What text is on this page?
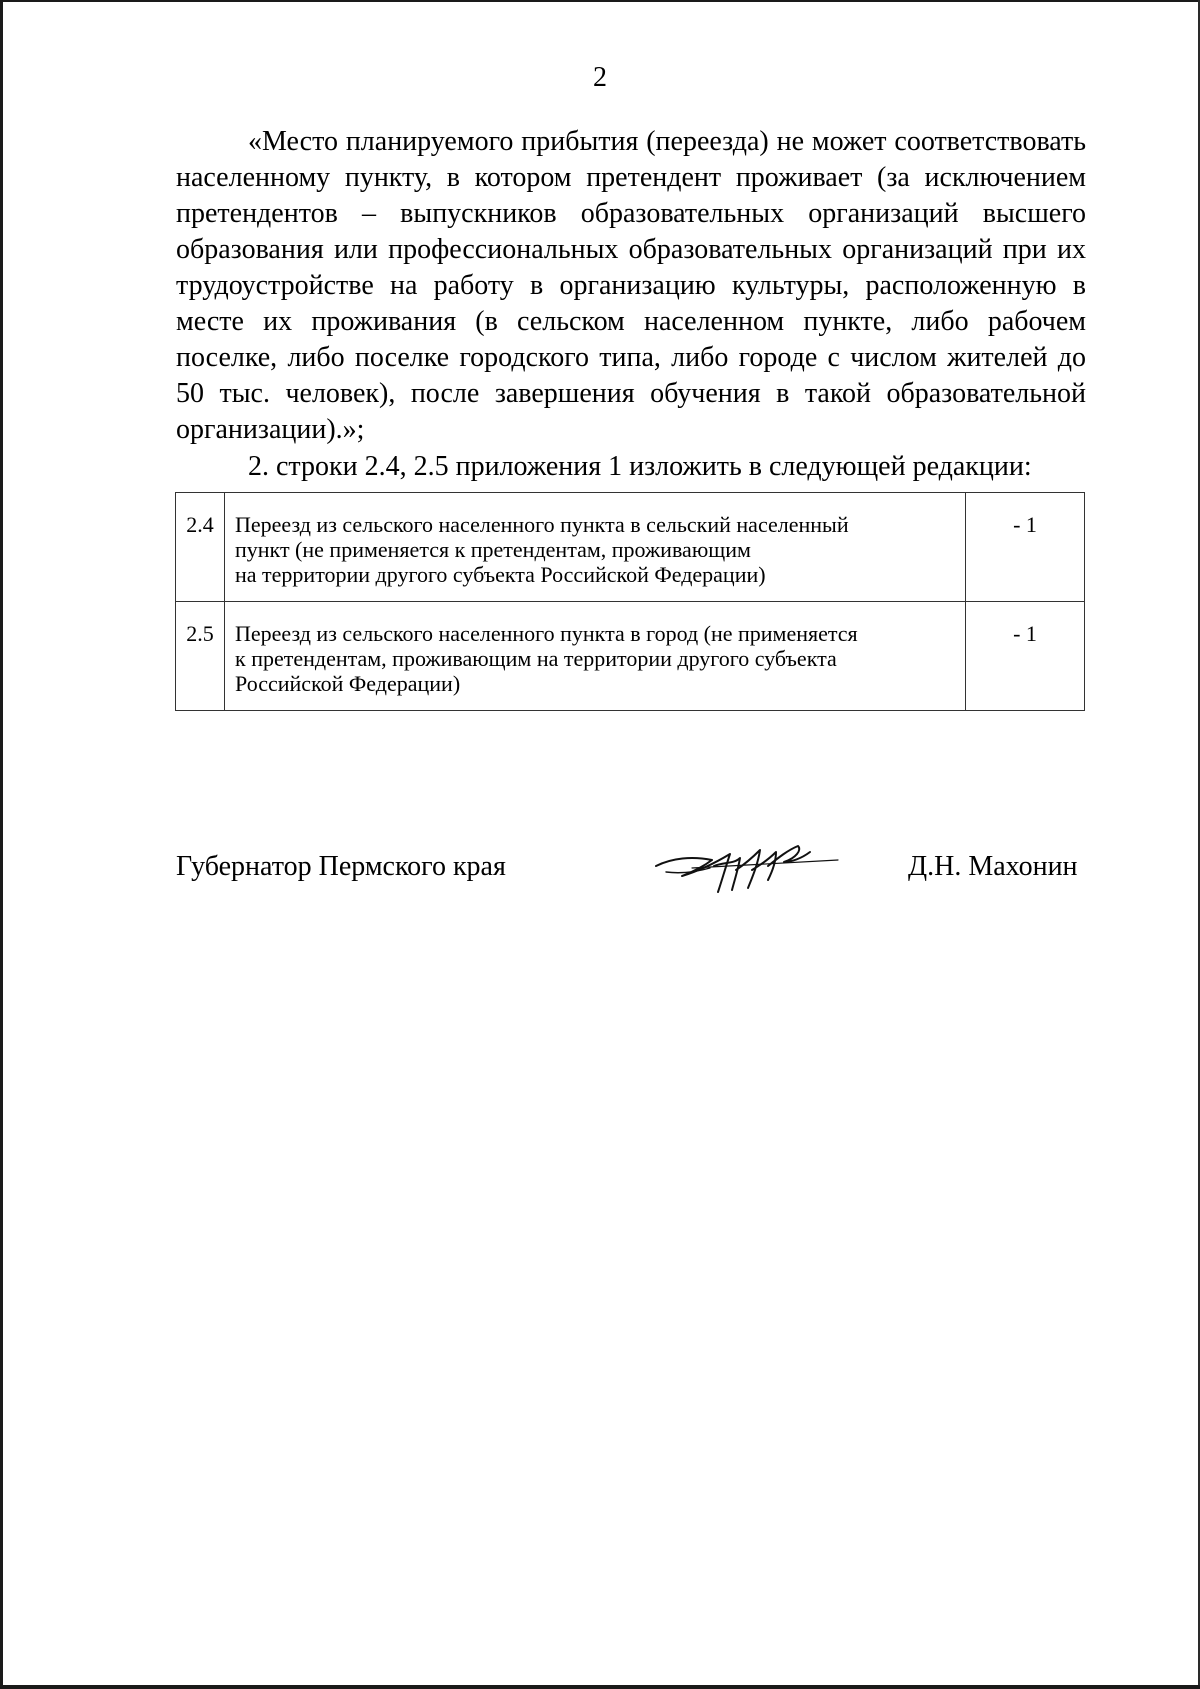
2

«Место планируемого прибытия (переезда) не может соответствовать населенному пункту, в котором претендент проживает (за исключением претендентов – выпускников образовательных организаций высшего образования или профессиональных образовательных организаций при их трудоустройстве на работу в организацию культуры, расположенную в месте их проживания (в сельском населенном пункте, либо рабочем поселке, либо поселке городского типа, либо городе с числом жителей до 50 тыс. человек), после завершения обучения в такой образовательной организации).»;

2. строки 2.4, 2.5 приложения 1 изложить в следующей редакции:

2.4	Переезд из сельского населенного пункта в сельский населенный
пункт (не применяется к претендентам, проживающим
на территории другого субъекта Российской Федерации)	- 1
2.5	Переезд из сельского населенного пункта в город (не применяется
к претендентам, проживающим на территории другого субъекта
Российской Федерации)	- 1
Губернатор Пермского края	Д.Н. Махонин
